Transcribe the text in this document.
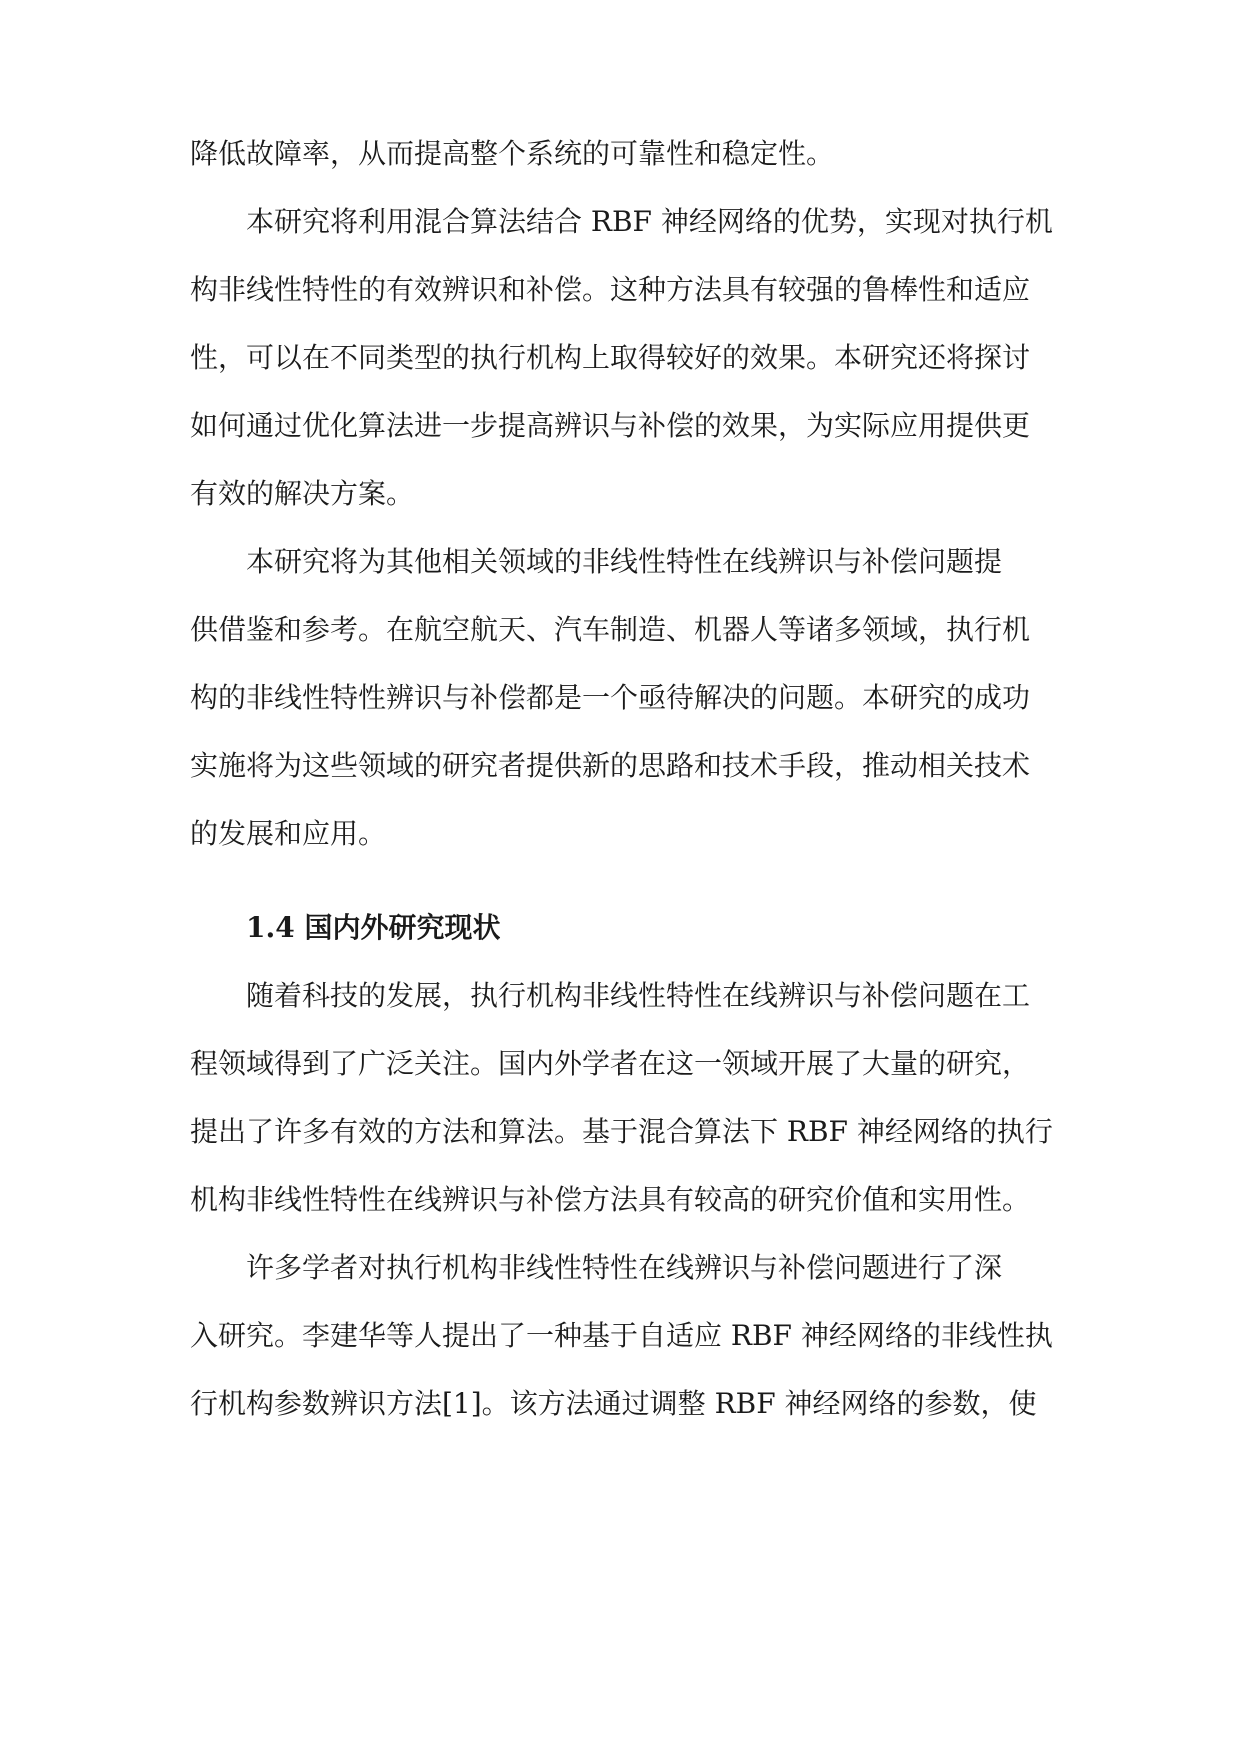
降低故障率，从而提高整个系统的可靠性和稳定性。
本研究将利用混合算法结合 RBF 神经网络的优势，实现对执行机
构非线性特性的有效辨识和补偿。这种方法具有较强的鲁棒性和适应
性，可以在不同类型的执行机构上取得较好的效果。本研究还将探讨
如何通过优化算法进一步提高辨识与补偿的效果，为实际应用提供更
有效的解决方案。
本研究将为其他相关领域的非线性特性在线辨识与补偿问题提
供借鉴和参考。在航空航天、汽车制造、机器人等诸多领域，执行机
构的非线性特性辨识与补偿都是一个亟待解决的问题。本研究的成功
实施将为这些领域的研究者提供新的思路和技术手段，推动相关技术
的发展和应用。
1.4 国内外研究现状
随着科技的发展，执行机构非线性特性在线辨识与补偿问题在工
程领域得到了广泛关注。国内外学者在这一领域开展了大量的研究，
提出了许多有效的方法和算法。基于混合算法下 RBF 神经网络的执行
机构非线性特性在线辨识与补偿方法具有较高的研究价值和实用性。
许多学者对执行机构非线性特性在线辨识与补偿问题进行了深
入研究。李建华等人提出了一种基于自适应 RBF 神经网络的非线性执
行机构参数辨识方法[1]。该方法通过调整 RBF 神经网络的参数，使
